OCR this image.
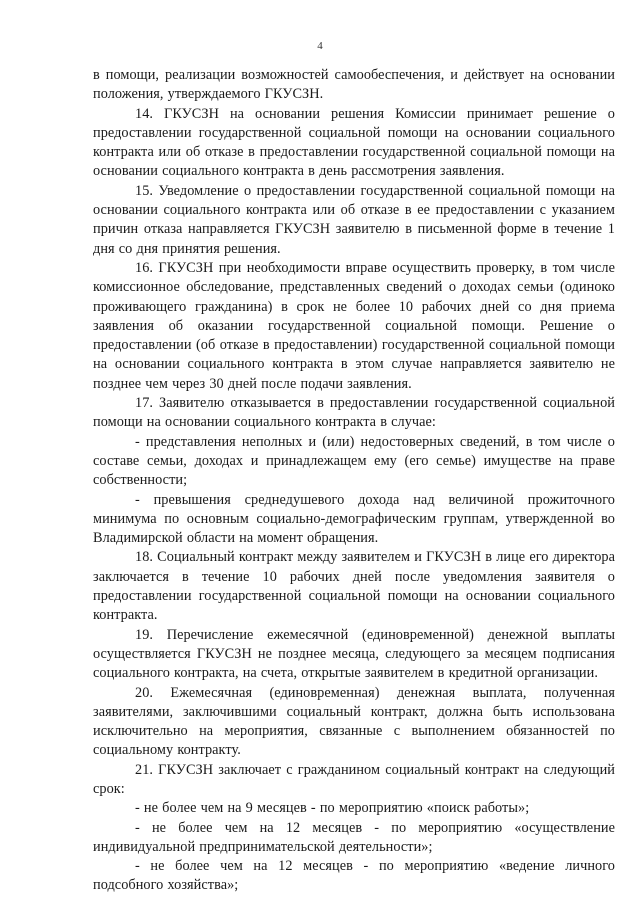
4

в помощи, реализации возможностей самообеспечения, и действует на основании положения, утверждаемого ГКУСЗН.

14. ГКУСЗН на основании решения Комиссии принимает решение о предоставлении государственной социальной помощи на основании социального контракта или об отказе в предоставлении государственной социальной помощи на основании социального контракта в день рассмотрения заявления.

15. Уведомление о предоставлении государственной социальной помощи на основании социального контракта или об отказе в ее предоставлении с указанием причин отказа направляется ГКУСЗН заявителю в письменной форме в течение 1 дня со дня принятия решения.

16. ГКУСЗН при необходимости вправе осуществить проверку, в том числе комиссионное обследование, представленных сведений о доходах семьи (одиноко проживающего гражданина) в срок не более 10 рабочих дней со дня приема заявления об оказании государственной социальной помощи. Решение о предоставлении (об отказе в предоставлении) государственной социальной помощи на основании социального контракта в этом случае направляется заявителю не позднее чем через 30 дней после подачи заявления.

17. Заявителю отказывается в предоставлении государственной социальной помощи на основании социального контракта в случае:

- представления неполных и (или) недостоверных сведений, в том числе о составе семьи, доходах и принадлежащем ему (его семье) имуществе на праве собственности;

- превышения среднедушевого дохода над величиной прожиточного минимума по основным социально-демографическим группам, утвержденной во Владимирской области на момент обращения.

18. Социальный контракт между заявителем и ГКУСЗН в лице его директора заключается в течение 10 рабочих дней после уведомления заявителя о предоставлении государственной социальной помощи на основании социального контракта.

19. Перечисление ежемесячной (единовременной) денежной выплаты осуществляется ГКУСЗН не позднее месяца, следующего за месяцем подписания социального контракта, на счета, открытые заявителем в кредитной организации.

20. Ежемесячная (единовременная) денежная выплата, полученная заявителями, заключившими социальный контракт, должна быть использована исключительно на мероприятия, связанные с выполнением обязанностей по социальному контракту.

21. ГКУСЗН заключает с гражданином социальный контракт на следующий срок:

- не более чем на 9 месяцев - по мероприятию «поиск работы»;

- не более чем на 12 месяцев - по мероприятию «осуществление индивидуальной предпринимательской деятельности»;

- не более чем на 12 месяцев - по мероприятию «ведение личного подсобного хозяйства»;
